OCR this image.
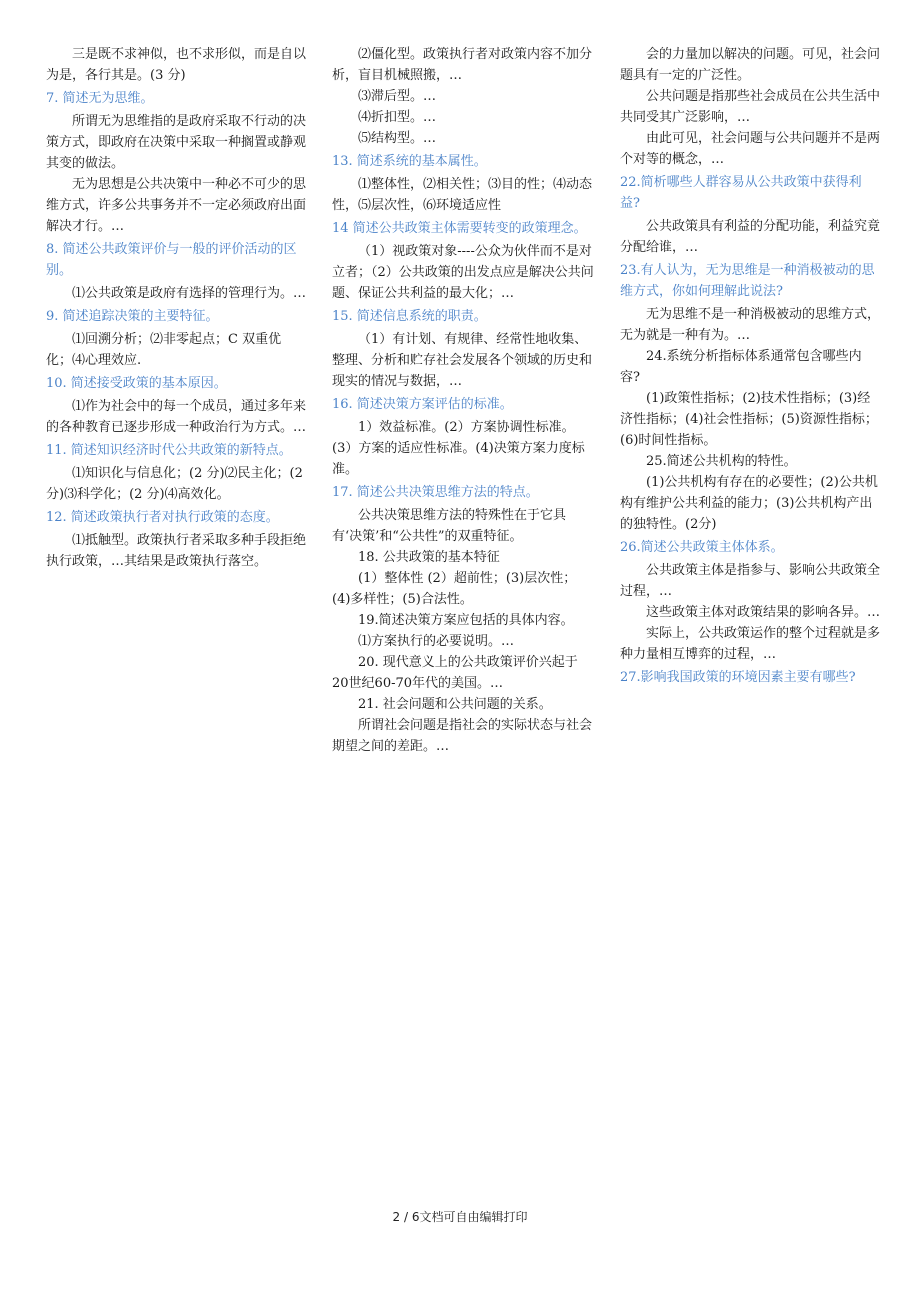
三是既不求神似，也不求形似，而是自以为是，各行其是。(3 分)
7. 简述无为思维。
所谓无为思维指的是政府采取不行动的决策方式，即政府在决策中采取一种搁置或静观其变的做法。
无为思想是公共决策中一种必不可少的思维方式，许多公共事务并不一定必须政府出面解决才行。…
8. 简述公共政策评价与一般的评价活动的区别。
⑴公共政策是政府有选择的管理行为。…
9. 简述追踪决策的主要特征。
⑴回溯分析；⑵非零起点；C 双重优化；⑷心理效应.
10. 简述接受政策的基本原因。
⑴作为社会中的每一个成员，通过多年来的各种教育已逐步形成一种政治行为方式。…
11. 简述知识经济时代公共政策的新特点。
⑴知识化与信息化；(2 分)⑵民主化；(2 分)⑶科学化；(2 分)⑷高效化。
12. 简述政策执行者对执行政策的态度。
⑴抵触型。政策执行者采取多种手段拒绝执行政策，…其结果是政策执行落空。
⑵僵化型。政策执行者对政策内容不加分析，盲目机械照搬，…
⑶滞后型。…
⑷折扣型。…
⑸结构型。…
13. 简述系统的基本属性。
⑴整体性，⑵相关性；⑶目的性；⑷动态性，⑸层次性，⑹环境适应性
14 简述公共政策主体需要转变的政策理念。
（1）视政策对象----公众为伙伴而不是对立者；（2）公共政策的出发点应是解决公共问题、保证公共利益的最大化；…
15. 简述信息系统的职责。
（1）有计划、有规律、经常性地收集、整理、分析和贮存社会发展各个领域的历史和现实的情况与数据，…
16. 简述决策方案评估的标准。
1）效益标准。(2）方案协调性标准。(3）方案的适应性标准。(4)决策方案力度标准。
17. 简述公共决策思维方法的特点。
公共决策思维方法的特殊性在于它具有‘决策’和“公共性”的双重特征。
18. 公共政策的基本特征
(1）整体性 (2）超前性；(3)层次性；(4)多样性；(5)合法性。
19.简述决策方案应包括的具体内容。
⑴方案执行的必要说明。…
20. 现代意义上的公共政策评价兴起于20世纪60-70年代的美国。…
21. 社会问题和公共问题的关系。
所谓社会问题是指社会的实际状态与社会期望之间的差距。…
会的力量加以解决的问题。可见，社会问题具有一定的广泛性。
公共问题是指那些社会成员在公共生活中共同受其广泛影响，…
由此可见，社会问题与公共问题并不是两个对等的概念，…
22.简析哪些人群容易从公共政策中获得利益?
公共政策具有利益的分配功能，利益究竟分配给谁，…
23.有人认为，无为思维是一种消极被动的思维方式，你如何理解此说法?
无为思维不是一种消极被动的思维方式，无为就是一种有为。…
24.系统分析指标体系通常包含哪些内容?
(1)政策性指标；(2)技术性指标；(3)经济性指标；(4)社会性指标；(5)资源性指标；(6)时间性指标。
25.简述公共机构的特性。
(1)公共机构有存在的必要性；(2)公共机构有维护公共利益的能力；(3)公共机构产出的独特性。(2分)
26.简述公共政策主体体系。
公共政策主体是指参与、影响公共政策全过程，…
这些政策主体对政策结果的影响各异。…
实际上，公共政策运作的整个过程就是多种力量相互博弈的过程，…
27.影响我国政策的环境因素主要有哪些?
2 / 6文档可自由编辑打印
